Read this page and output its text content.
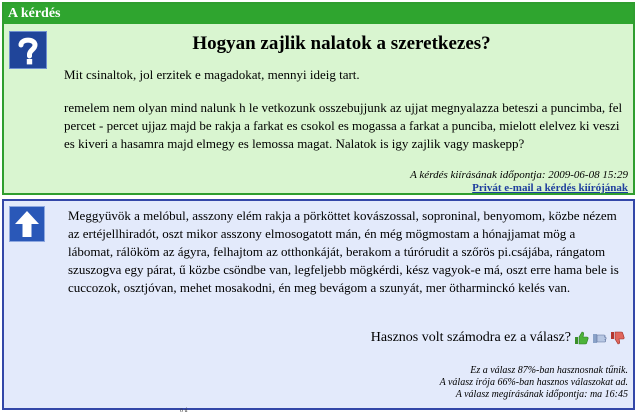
A kérdés
Hogyan zajlik nalatok a szeretkezes?
Mit csinaltok, jol erzitek e magadokat, mennyi ideig tart.
remelem nem olyan mind nalunk h le vetkozunk osszebujjunk az ujjat megnyalazza beteszi a puncimba, fel percet - percet ujjaz majd be rakja a farkat es csokol es mogassa a farkat a punciba, mielott elelvez ki veszi es kiveri a hasamra majd elmegy es lemossa magat. Nalatok is igy zajlik vagy maskepp?
A kérdés kiírásának időpontja: 2009-06-08 15:29
Privát e-mail a kérdés kiírójának
Meggyüvök a melóbul, asszony elém rakja a pörköttet kovászossal, soproninal, benyomom, közbe nézem az ertéjellhiradót, oszt mikor asszony elmosogatott mán, én még mögmostam a hónajjamat mög a lábomat, rálököm az ágyra, felhajtom az otthonkáját, berakom a túrórudit a szőrös pi.csájába, rángatom szuszogva egy párat, ű közbe csöndbe van, legfeljebb mögkérdi, kész vagyok-e má, oszt erre hama bele is cuccozok, osztjóvan, mehet mosakodni, én meg bevágom a szunyát, mer ötharminckó kelés van.
Hasznos volt számodra ez a válasz?
Ez a válasz 87%-ban hasznosnak tűnik.
A válasz írója 66%-ban hasznos válaszokat ad.
A válasz megírásának időpontja: ma 16:45
ö ú
